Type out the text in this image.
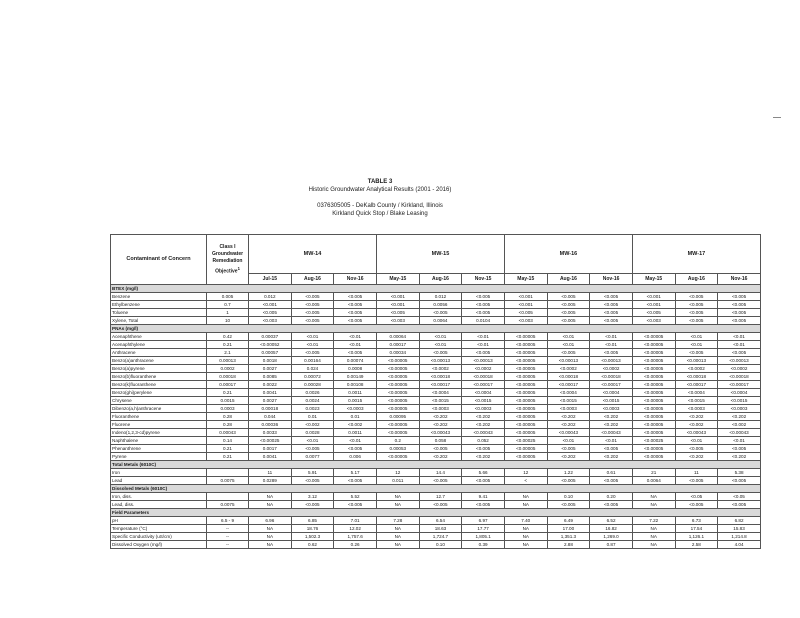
TABLE 3
Historic Groundwater Analytical Results (2001 - 2016)
0376305005 - DeKalb County / Kirkland, Illinois
Kirkland Quick Stop / Blake Leasing
Contaminant of Concern	Class I Groundwater Remediation Objective$^1$	MW-14			MW-15			MW-16			MW-17		
		Jul-15	Aug-16	Nov-16	May-15	Aug-16	Nov-15	May-15	Aug-16	Nov-16	May-15	Aug-16	Nov-16
BTEX (mg/l)													
Benzene	0.005	0.012	<0.005	<0.005	<0.001	0.012	<0.005	<0.001	<0.005	<0.005	<0.001	<0.005	<0.005
Ethylbenzene	0.7	<0.001	<0.005	<0.005	<0.001	0.0056	<0.005	<0.001	<0.005	<0.005	<0.001	<0.005	<0.005
Toluene	1	<0.005	<0.005	<0.005	<0.005	<0.005	<0.005	<0.005	<0.005	<0.005	<0.005	<0.005	<0.005
Xylene, Total	10	<0.003	<0.005	<0.005	<0.003	0.0064	0.0104	<0.003	<0.005	<0.005	<0.003	<0.005	<0.005
PNAs (mg/l)													
Acenaphthene	0.42	0.00037	<0.01	<0.01	0.00064	<0.01	<0.01	<0.00005	<0.01	<0.01	<0.00005	<0.01	<0.01
Acenaphthylene	0.21	<0.00052	<0.01	<0.01	0.00017	<0.01	<0.01	<0.00005	<0.01	<0.01	<0.00005	<0.01	<0.01
Anthracene	2.1	0.00057	<0.005	<0.005	0.00034	<0.005	<0.005	<0.00005	<0.005	<0.005	<0.00005	<0.005	<0.005
Benzo(a)anthracene	0.00013	0.0018	0.00164	0.00074	<0.00005	<0.00013	<0.00013	<0.00005	<0.00013	<0.00013	<0.00005	<0.00013	<0.00013
Benzo(a)pyrene	0.0002	0.0027	0.024	0.0008	<0.00005	<0.0002	<0.0002	<0.00005	<0.0002	<0.0002	<0.00005	<0.0002	<0.0002
Benzo(b)fluoranthene	0.00018	0.0085	0.00072	0.00149	<0.00005	<0.00018	<0.00018	<0.00005	<0.00018	<0.00018	<0.00005	<0.00018	<0.00018
Benzo(k)fluoranthene	0.00017	0.0022	0.00028	0.00108	<0.00005	<0.00017	<0.00017	<0.00005	<0.00017	<0.00017	<0.00005	<0.00017	<0.00017
Benzo(ghi)perylene	0.21	0.0041	0.0026	0.0011	<0.00005	<0.0004	<0.0004	<0.00005	<0.0004	<0.0004	<0.00005	<0.0004	<0.0004
Chrysene	0.0015	0.0027	0.0024	0.0015	<0.00005	<0.0015	<0.0015	<0.00005	<0.0015	<0.0015	<0.00005	<0.0015	<0.0015
Dibenzo(a,h)anthracene	0.0003	0.00018	0.0023	<0.0003	<0.00005	<0.0003	<0.0003	<0.00005	<0.0003	<0.0003	<0.00005	<0.0003	<0.0003
Fluoranthene	0.28	0.044	0.01	0.01	0.00095	<0.202	<0.202	<0.00005	<0.202	<0.202	<0.00005	<0.202	<0.202
Fluorene	0.28	0.00036	<0.002	<0.002	<0.00005	<0.202	<0.202	<0.00005	<0.202	<0.202	<0.00005	<0.002	<0.002
Indeno(1,2,3-cd)pyrene	0.00043	0.0033	0.0028	0.0011	<0.00005	<0.00043	<0.00043	<0.00005	<0.00043	<0.00043	<0.00005	<0.00043	<0.00043
Naphthalene	0.14	<0.00025	<0.01	<0.01	0.2	0.058	0.052	<0.00025	<0.01	<0.01	<0.00025	<0.01	<0.01
Phenanthrene	0.21	0.0017	<0.005	<0.005	0.00053	<0.005	<0.005	<0.00005	<0.005	<0.005	<0.00005	<0.005	<0.005
Pyrene	0.21	0.0041	0.0077	0.006	<0.00005	<0.202	<0.202	<0.00005	<0.202	<0.202	<0.00005	<0.202	<0.202
Total Metals (6010C)													
Iron		11	5.91	5.17	12	14.4	5.66	12	1.22	0.61	21	11	5.38
Lead	0.0075	0.0289	<0.005	<0.005	0.011	<0.005	<0.005	<	<0.005	<0.005	0.0064	<0.005	<0.005
Dissolved Metals (6010C)													
Iron, diss.		NA	3.12	5.52	NA	12.7	9.41	NA	0.10	0.20	NA	<0.05	<0.05
Lead, diss.	0.0075	NA	<0.005	<0.005	NA	<0.005	<0.005	NA	<0.005	<0.005	NA	<0.005	<0.005
Field Parameters													
pH	6.5 - 9	6.96	6.85	7.01	7.28	6.54	6.97	7.40	6.49	6.52	7.22	6.73	6.82
Temperature (°C)	--	NA	18.76	12.02	NA	18.63	17.77	NA	17.00	16.82	NA	17.54	15.83
Specific Conductivity (uS/cm)	--	NA	1,502.3	1,757.6	NA	1,724.7	1,805.1	NA	1,351.3	1,269.0	NA	1,126.1	1,214.8
Dissolved Oxygen (mg/l)	--	NA	0.62	0.26	NA	0.10	0.39	NA	2.88	0.87	NA	2.58	4.04
